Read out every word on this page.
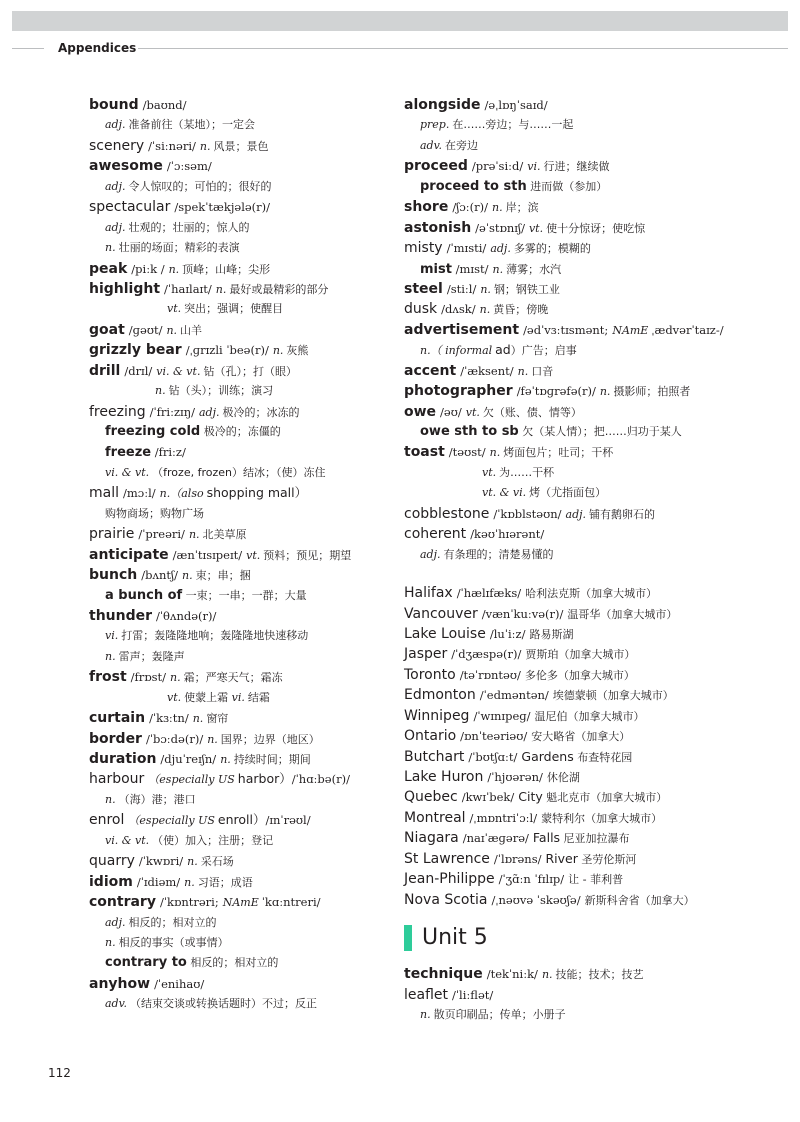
Appendices
bound /baʊnd/
adj. 准备前往（某地）；一定会
scenery /ˈsiːnəri/ n. 风景；景色
awesome /ˈɔːsəm/
adj. 令人惊叹的；可怕的；很好的
spectacular /spekˈtækjələ(r)/
adj. 壮观的；壮丽的；惊人的
n. 壮丽的场面；精彩的表演
peak /piːk / n. 顶峰；山峰；尖形
highlight /ˈhaɪlaɪt/ n. 最好或最精彩的部分
vt. 突出；强调；使醒目
goat /ɡəʊt/ n. 山羊
grizzly bear /ˌɡrɪzli ˈbeə(r)/ n. 灰熊
drill /drɪl/ vi. & vt. 钻（孔）；打（眼）
n. 钻（头）；训练；演习
freezing /ˈfriːzɪŋ/ adj. 极冷的；冰冻的
freezing cold 极冷的；冻僵的
freeze /friːz/
vi. & vt. （froze, frozen）结冰；（使）冻住
mall /mɔːl/ n.（also shopping mall）
购物商场；购物广场
prairie /ˈpreəri/ n. 北美草原
anticipate /ænˈtɪsɪpeɪt/ vt. 预料；预见；期望
bunch /bʌntʃ/ n. 束；串；捆
a bunch of 一束；一串；一群；大量
thunder /ˈθʌndə(r)/
vi. 打雷；轰隆隆地响；轰隆隆地快速移动
n. 雷声；轰隆声
frost /frɒst/ n. 霜；严寒天气；霜冻
vt. 使蒙上霜 vi. 结霜
curtain /ˈkɜːtn/ n. 窗帘
border /ˈbɔːdə(r)/ n. 国界；边界（地区）
duration /djuˈreɪʃn/ n. 持续时间；期间
harbour （especially US harbor）/ˈhɑːbə(r)/
n. （海）港；港口
enrol （especially US enroll）/ɪnˈrəʊl/
vi. & vt. （使）加入；注册；登记
quarry /ˈkwɒri/ n. 采石场
idiom /ˈɪdiəm/ n. 习语；成语
contrary /ˈkɒntrəri; NAmE ˈkɑːntreri/
adj. 相反的；相对立的
n. 相反的事实（或事情）
contrary to 相反的；相对立的
anyhow /ˈenihaʊ/
adv. （结束交谈或转换话题时）不过；反正
alongside /əˌlɒŋˈsaɪd/
prep. 在……旁边；与……一起
adv. 在旁边
proceed /prəˈsiːd/ vi. 行进；继续做
proceed to sth 进而做（参加）
shore /ʃɔː(r)/ n. 岸；滨
astonish /əˈstɒnɪʃ/ vt. 使十分惊讶；使吃惊
misty /ˈmɪsti/ adj. 多雾的；模糊的
mist /mɪst/ n. 薄雾；水汽
steel /stiːl/ n. 钢；钢铁工业
dusk /dʌsk/ n. 黄昏；傍晚
advertisement /ədˈvɜːtɪsmənt; NAmE ˌædvərˈtaɪz-/
n.（ informal ad）广告；启事
accent /ˈæksent/ n. 口音
photographer /fəˈtɒɡrəfə(r)/ n. 摄影师；拍照者
owe /əʊ/ vt. 欠（账、债、情等）
owe sth to sb 欠（某人情）；把……归功于某人
toast /təʊst/ n. 烤面包片；吐司；干杯
vt. 为……干杯
vt. & vi. 烤（尤指面包）
cobblestone /ˈkɒblstəʊn/ adj. 铺有鹅卵石的
coherent /kəʊˈhɪərənt/
adj. 有条理的；清楚易懂的
Halifax /ˈhælɪfæks/ 哈利法克斯（加拿大城市）
Vancouver /vænˈkuːvə(r)/ 温哥华（加拿大城市）
Lake Louise /luˈiːz/ 路易斯湖
Jasper /ˈdʒæspə(r)/ 贾斯珀（加拿大城市）
Toronto /təˈrɒntəʊ/ 多伦多（加拿大城市）
Edmonton /ˈedməntən/ 埃德蒙顿（加拿大城市）
Winnipeg /ˈwɪnɪpeɡ/ 温尼伯（加拿大城市）
Ontario /ɒnˈteəriəʊ/ 安大略省（加拿大）
Butchart /ˈbʊtʃɑːt/ Gardens 布查特花园
Lake Huron /ˈhjʊərən/ 休伦湖
Quebec /kwɪˈbek/ City 魁北克市（加拿大城市）
Montreal /ˌmɒntriˈɔːl/ 蒙特利尔（加拿大城市）
Niagara /naɪˈæɡərə/ Falls 尼亚加拉瀑布
St Lawrence /ˈlɒrəns/ River 圣劳伦斯河
Jean-Philippe /ˈʒɑ̃ːn ˈfɪlɪp/ 让 - 菲利普
Nova Scotia /ˌnəʊvə ˈskəʊʃə/ 新斯科舍省（加拿大）
Unit 5
technique /tekˈniːk/ n. 技能；技术；技艺
leaflet /ˈliːflət/
n. 散页印刷品；传单；小册子
112
